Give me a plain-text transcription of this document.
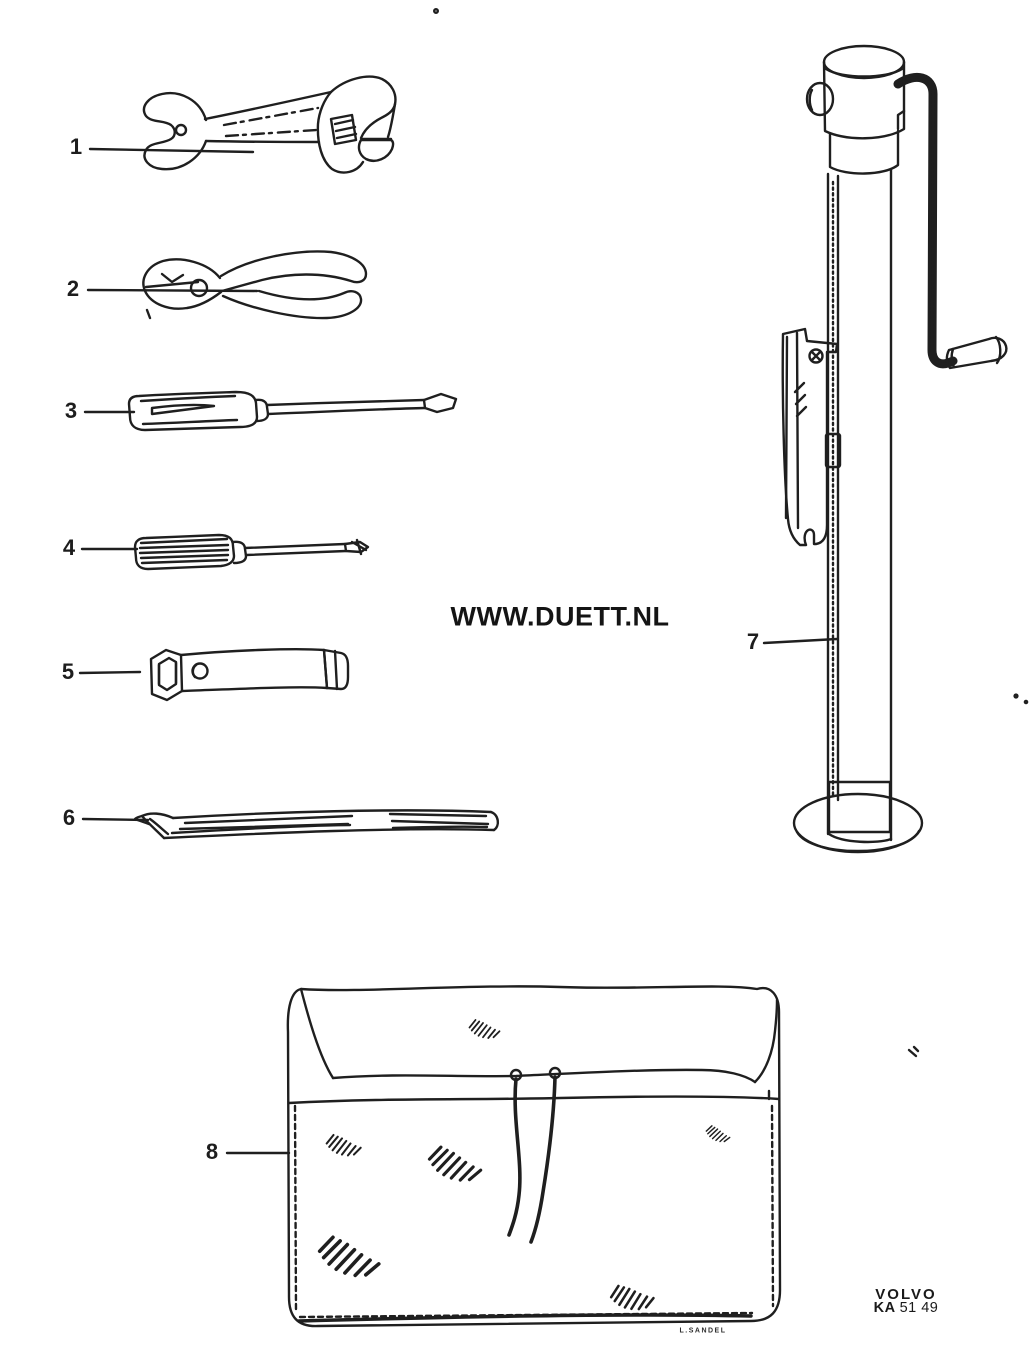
1
2
3
4
5
6
7
8
WWW.DUETT.NL
VOLVO
KA 51 49
L.SANDEL
